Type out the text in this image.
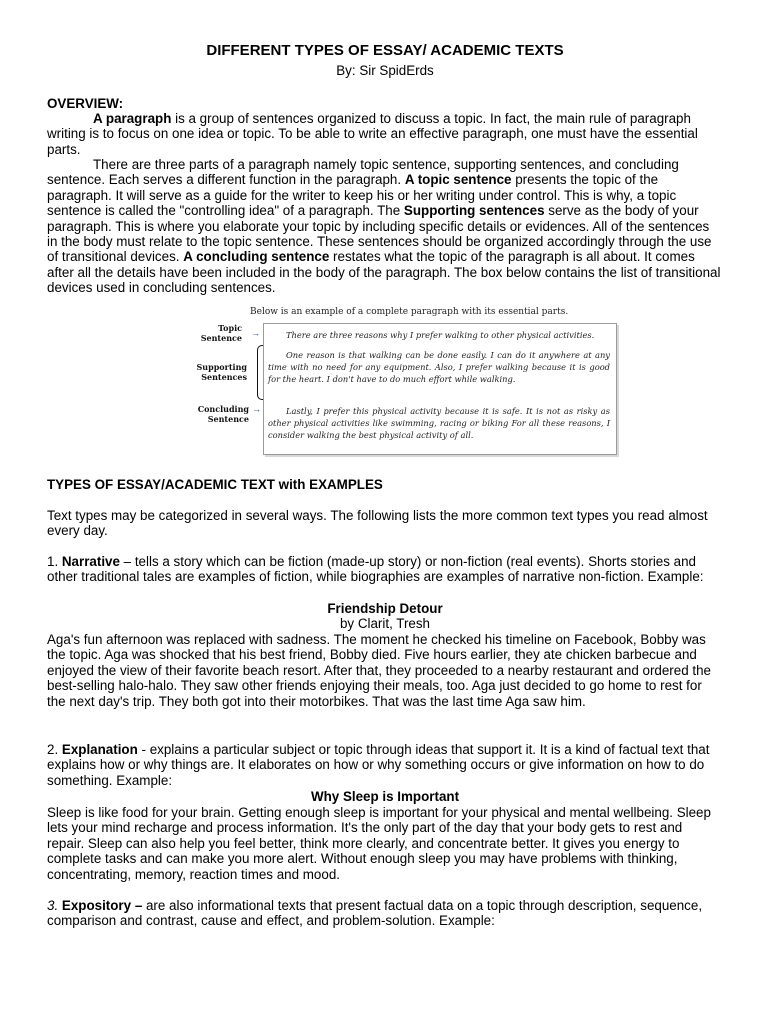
DIFFERENT TYPES OF ESSAY/ ACADEMIC TEXTS

By: Sir SpidErds

OVERVIEW:

A paragraph is a group of sentences organized to discuss a topic. In fact, the main rule of paragraph writing is to focus on one idea or topic. To be able to write an effective paragraph, one must have the essential parts.

There are three parts of a paragraph namely topic sentence, supporting sentences, and concluding sentence. Each serves a different function in the paragraph. A topic sentence presents the topic of the paragraph. It will serve as a guide for the writer to keep his or her writing under control. This is why, a topic sentence is called the "controlling idea" of a paragraph. The Supporting sentences serve as the body of your paragraph. This is where you elaborate your topic by including specific details or evidences. All of the sentences in the body must relate to the topic sentence. These sentences should be organized accordingly through the use of transitional devices. A concluding sentence restates what the topic of the paragraph is all about. It comes after all the details have been included in the body of the paragraph. The box below contains the list of transitional devices used in concluding sentences.

Below is an example of a complete paragraph with its essential parts.
Topic Sentence →
Supporting Sentences
Concluding Sentence
→
There are three reasons why I prefer walking to other physical activities.
One reason is that walking can be done easily. I can do it anywhere at any time with no need for any equipment. Also, I prefer walking because it is good for the heart. I don't have to do much effort while walking.
Lastly, I prefer this physical activity because it is safe. It is not as risky as other physical activities like swimming, racing or biking For all these reasons, I consider walking the best physical activity of all.

TYPES OF ESSAY/ACADEMIC TEXT with EXAMPLES

Text types may be categorized in several ways. The following lists the more common text types you read almost every day.

1. Narrative – tells a story which can be fiction (made-up story) or non-fiction (real events). Shorts stories and other traditional tales are examples of fiction, while biographies are examples of narrative non-fiction. Example:

Friendship Detour

by Clarit, Tresh

Aga's fun afternoon was replaced with sadness. The moment he checked his timeline on Facebook, Bobby was the topic. Aga was shocked that his best friend, Bobby died. Five hours earlier, they ate chicken barbecue and enjoyed the view of their favorite beach resort. After that, they proceeded to a nearby restaurant and ordered the best-selling halo-halo. They saw other friends enjoying their meals, too. Aga just decided to go home to rest for the next day's trip. They both got into their motorbikes. That was the last time Aga saw him.

2. Explanation - explains a particular subject or topic through ideas that support it. It is a kind of factual text that explains how or why things are. It elaborates on how or why something occurs or give information on how to do something. Example:

Why Sleep is Important

Sleep is like food for your brain. Getting enough sleep is important for your physical and mental wellbeing. Sleep lets your mind recharge and process information. It's the only part of the day that your body gets to rest and repair. Sleep can also help you feel better, think more clearly, and concentrate better. It gives you energy to complete tasks and can make you more alert. Without enough sleep you may have problems with thinking, concentrating, memory, reaction times and mood.

3. Expository – are also informational texts that present factual data on a topic through description, sequence, comparison and contrast, cause and effect, and problem-solution. Example:
